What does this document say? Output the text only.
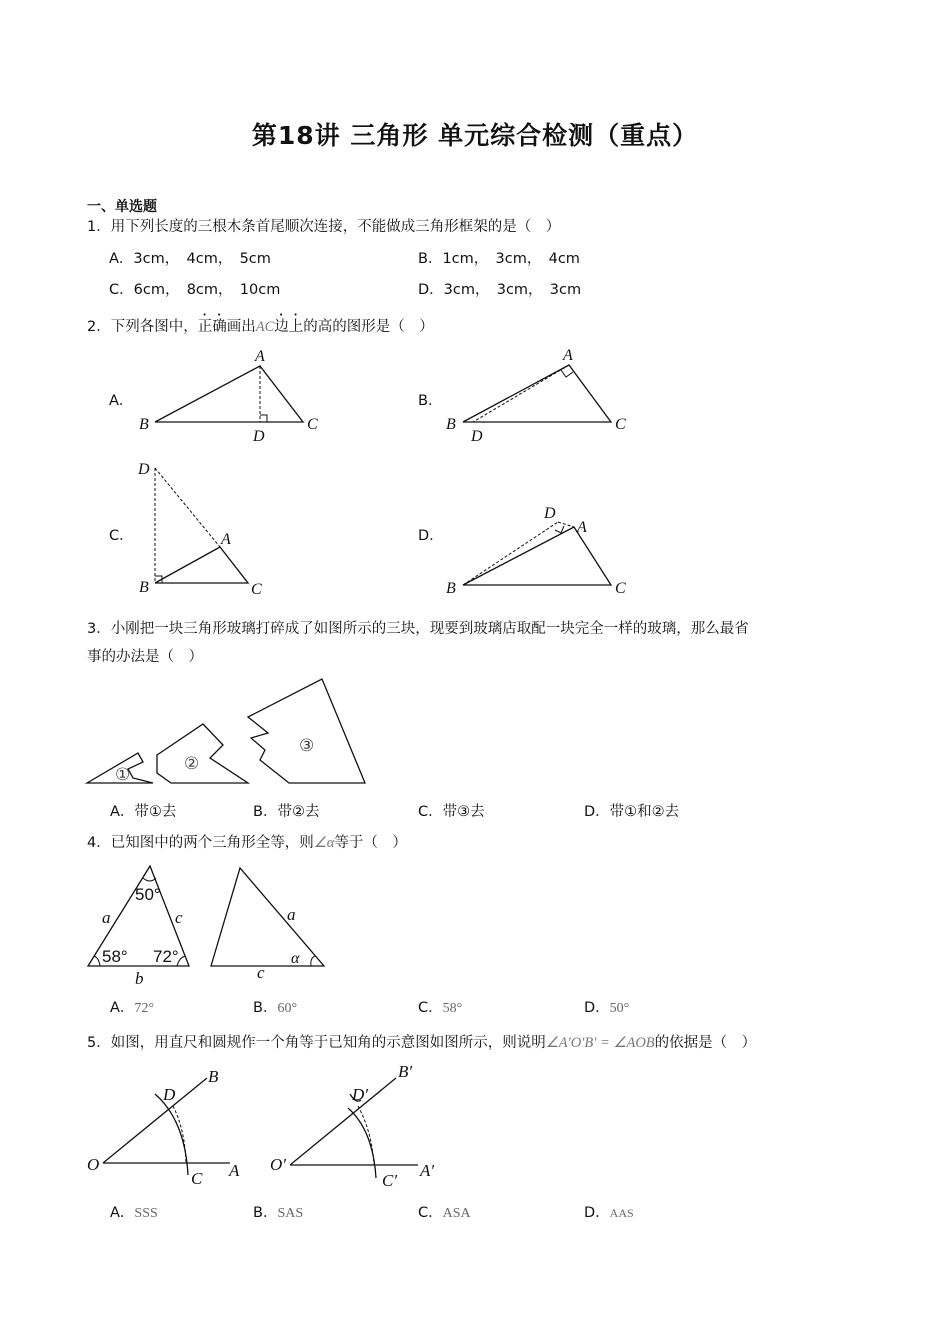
第18讲 三角形 单元综合检测（重点）
一、单选题
1．用下列长度的三根木条首尾顺次连接，不能做成三角形框架的是（　）
A．3cm，　4cm，　5cm	B．1cm，　3cm，　4cm
C．6cm，　8cm，　10cm	D．3cm，　3cm，　3cm
2．下列各图中，正确画出AC边上的高的图形是（　）
A．
A
B	C
D
B．
A
B	C
D
C．
D
A
B	C
D．
D
A
B	C
3．小刚把一块三角形玻璃打碎成了如图所示的三块，现要到玻璃店取配一块完全一样的玻璃，那么最省
事的办法是（　）
①
②
③
A．带①去	B．带②去	C．带③去	D．带①和②去
4．已知图中的两个三角形全等，则∠α等于（　）
50°
58° 72°
a	c
b
a
α
c
A．72°	B．60°	C．58°	D．50°
5．如图，用直尺和圆规作一个角等于已知角的示意图如图所示，则说明∠A′O′B′ = ∠AOB的依据是（　）
O	A
B
C
D
O′	A′
B′
C′
D′
A．SSS	B．SAS	C．ASA	D．AAS
